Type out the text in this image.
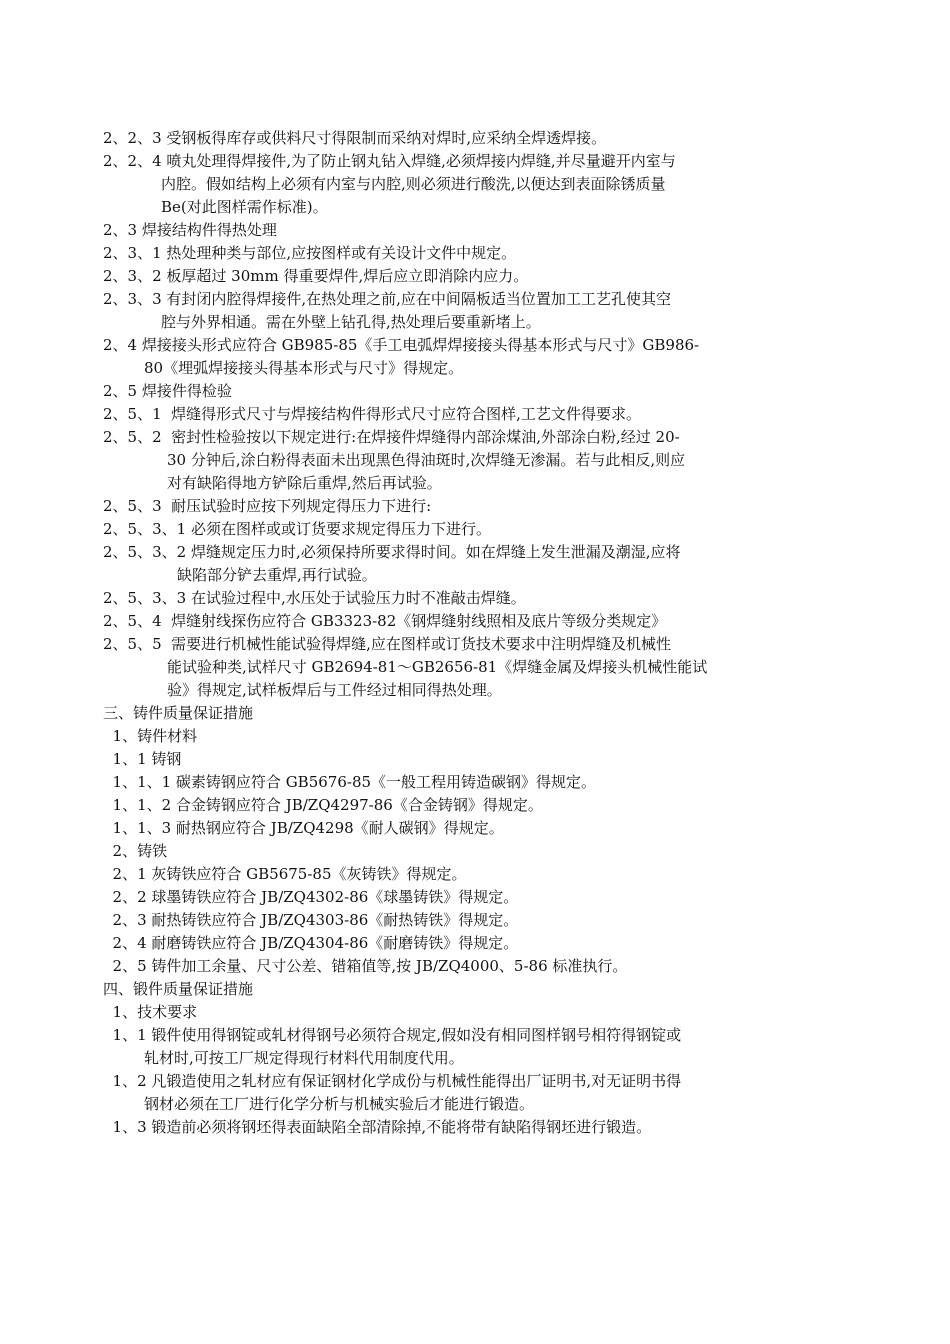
2、2、3 受钢板得库存或供料尺寸得限制而采纳对焊时,应采纳全焊透焊接。
2、2、4 喷丸处理得焊接件,为了防止钢丸钻入焊缝,必须焊接内焊缝,并尽量避开内室与
内腔。假如结构上必须有内室与内腔,则必须进行酸洗,以便达到表面除锈质量
Be(对此图样需作标准)。
2、3 焊接结构件得热处理
2、3、1 热处理种类与部位,应按图样或有关设计文件中规定。
2、3、2 板厚超过 30mm 得重要焊件,焊后应立即消除内应力。
2、3、3 有封闭内腔得焊接件,在热处理之前,应在中间隔板适当位置加工工艺孔使其空
腔与外界相通。需在外壁上钻孔得,热处理后要重新堵上。
2、4 焊接接头形式应符合 GB985-85《手工电弧焊焊接接头得基本形式与尺寸》GB986-
80《埋弧焊接接头得基本形式与尺寸》得规定。
2、5 焊接件得检验
2、5、1  焊缝得形式尺寸与焊接结构件得形式尺寸应符合图样,工艺文件得要求。
2、5、2  密封性检验按以下规定进行:在焊接件焊缝得内部涂煤油,外部涂白粉,经过 20-
30 分钟后,涂白粉得表面未出现黑色得油斑时,次焊缝无渗漏。若与此相反,则应
对有缺陷得地方铲除后重焊,然后再试验。
2、5、3  耐压试验时应按下列规定得压力下进行:
2、5、3、1 必须在图样或或订货要求规定得压力下进行。
2、5、3、2 焊缝规定压力时,必须保持所要求得时间。如在焊缝上发生泄漏及潮湿,应将
缺陷部分铲去重焊,再行试验。
2、5、3、3 在试验过程中,水压处于试验压力时不准敲击焊缝。
2、5、4  焊缝射线探伤应符合 GB3323-82《钢焊缝射线照相及底片等级分类规定》
2、5、5  需要进行机械性能试验得焊缝,应在图样或订货技术要求中注明焊缝及机械性
能试验种类,试样尺寸 GB2694-81～GB2656-81《焊缝金属及焊接头机械性能试
验》得规定,试样板焊后与工件经过相同得热处理。
三、铸件质量保证措施
1、铸件材料
1、1 铸钢
1、1、1 碳素铸钢应符合 GB5676-85《一般工程用铸造碳钢》得规定。
1、1、2 合金铸钢应符合 JB/ZQ4297-86《合金铸钢》得规定。
1、1、3 耐热钢应符合 JB/ZQ4298《耐人碳钢》得规定。
2、铸铁
2、1 灰铸铁应符合 GB5675-85《灰铸铁》得规定。
2、2 球墨铸铁应符合 JB/ZQ4302-86《球墨铸铁》得规定。
2、3 耐热铸铁应符合 JB/ZQ4303-86《耐热铸铁》得规定。
2、4 耐磨铸铁应符合 JB/ZQ4304-86《耐磨铸铁》得规定。
2、5 铸件加工余量、尺寸公差、错箱值等,按 JB/ZQ4000、5-86 标准执行。
四、锻件质量保证措施
1、技术要求
1、1 锻件使用得钢锭或轧材得钢号必须符合规定,假如没有相同图样钢号相符得钢锭或
轧材时,可按工厂规定得现行材料代用制度代用。
1、2 凡锻造使用之轧材应有保证钢材化学成份与机械性能得出厂证明书,对无证明书得
钢材必须在工厂进行化学分析与机械实验后才能进行锻造。
1、3 锻造前必须将钢坯得表面缺陷全部清除掉,不能将带有缺陷得钢坯进行锻造。
